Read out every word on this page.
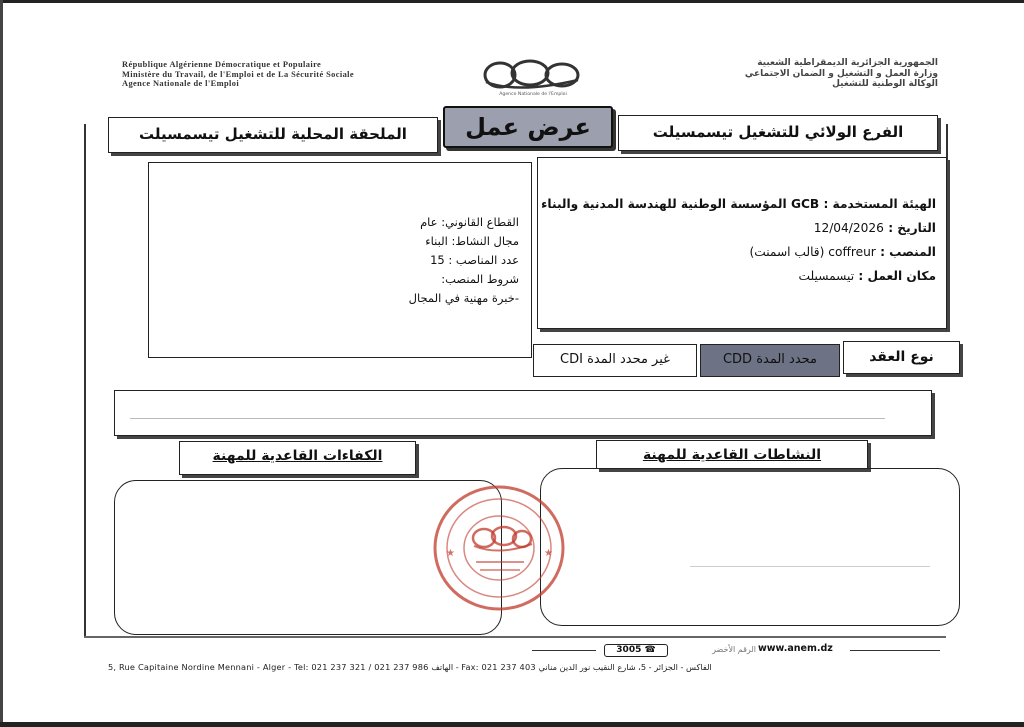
République Algérienne Démocratique et Populaire
Ministère du Travail, de l'Emploi et de La Sécurité Sociale
Agence Nationale de l'Emploi
Agence Nationale de l'Emploi
الجمهورية الجزائرية الديمقراطية الشعبية
وزارة العمل و التشغيل و الضمان الاجتماعي
الوكالة الوطنية للتشغيل
الملحقة المحلية للتشغيل تيسمسيلت	عرض عمل	الفرع الولائي للتشغيل تيسمسيلت
القطاع القانوني: عام
مجال النشاط: البناء
عدد المناصب : 15
شروط المنصب:
-خبرة مهنية في المجال
الهيئة المستخدمة : GCB المؤسسة الوطنية للهندسة المدنية والبناء
التاريخ : 12/04/2026
المنصب : coffreur (قالب اسمنت)
مكان العمل : تيسمسيلت
نوع العقد
محدد المدة CDD
غير محدد المدة CDI
الكفاءات القاعدية للمهنة	النشاطات القاعدية للمهنة
★	★
3005 ☎	الرقم الأخضر www.anem.dz
5, Rue Capitaine Nordine Mennani - Alger - Tel: 021 237 321 / 021 237 986 الهاتف - Fax: 021 237 403 الفاكس - الجزائر - 5، شارع النقيب نور الدين مناني
